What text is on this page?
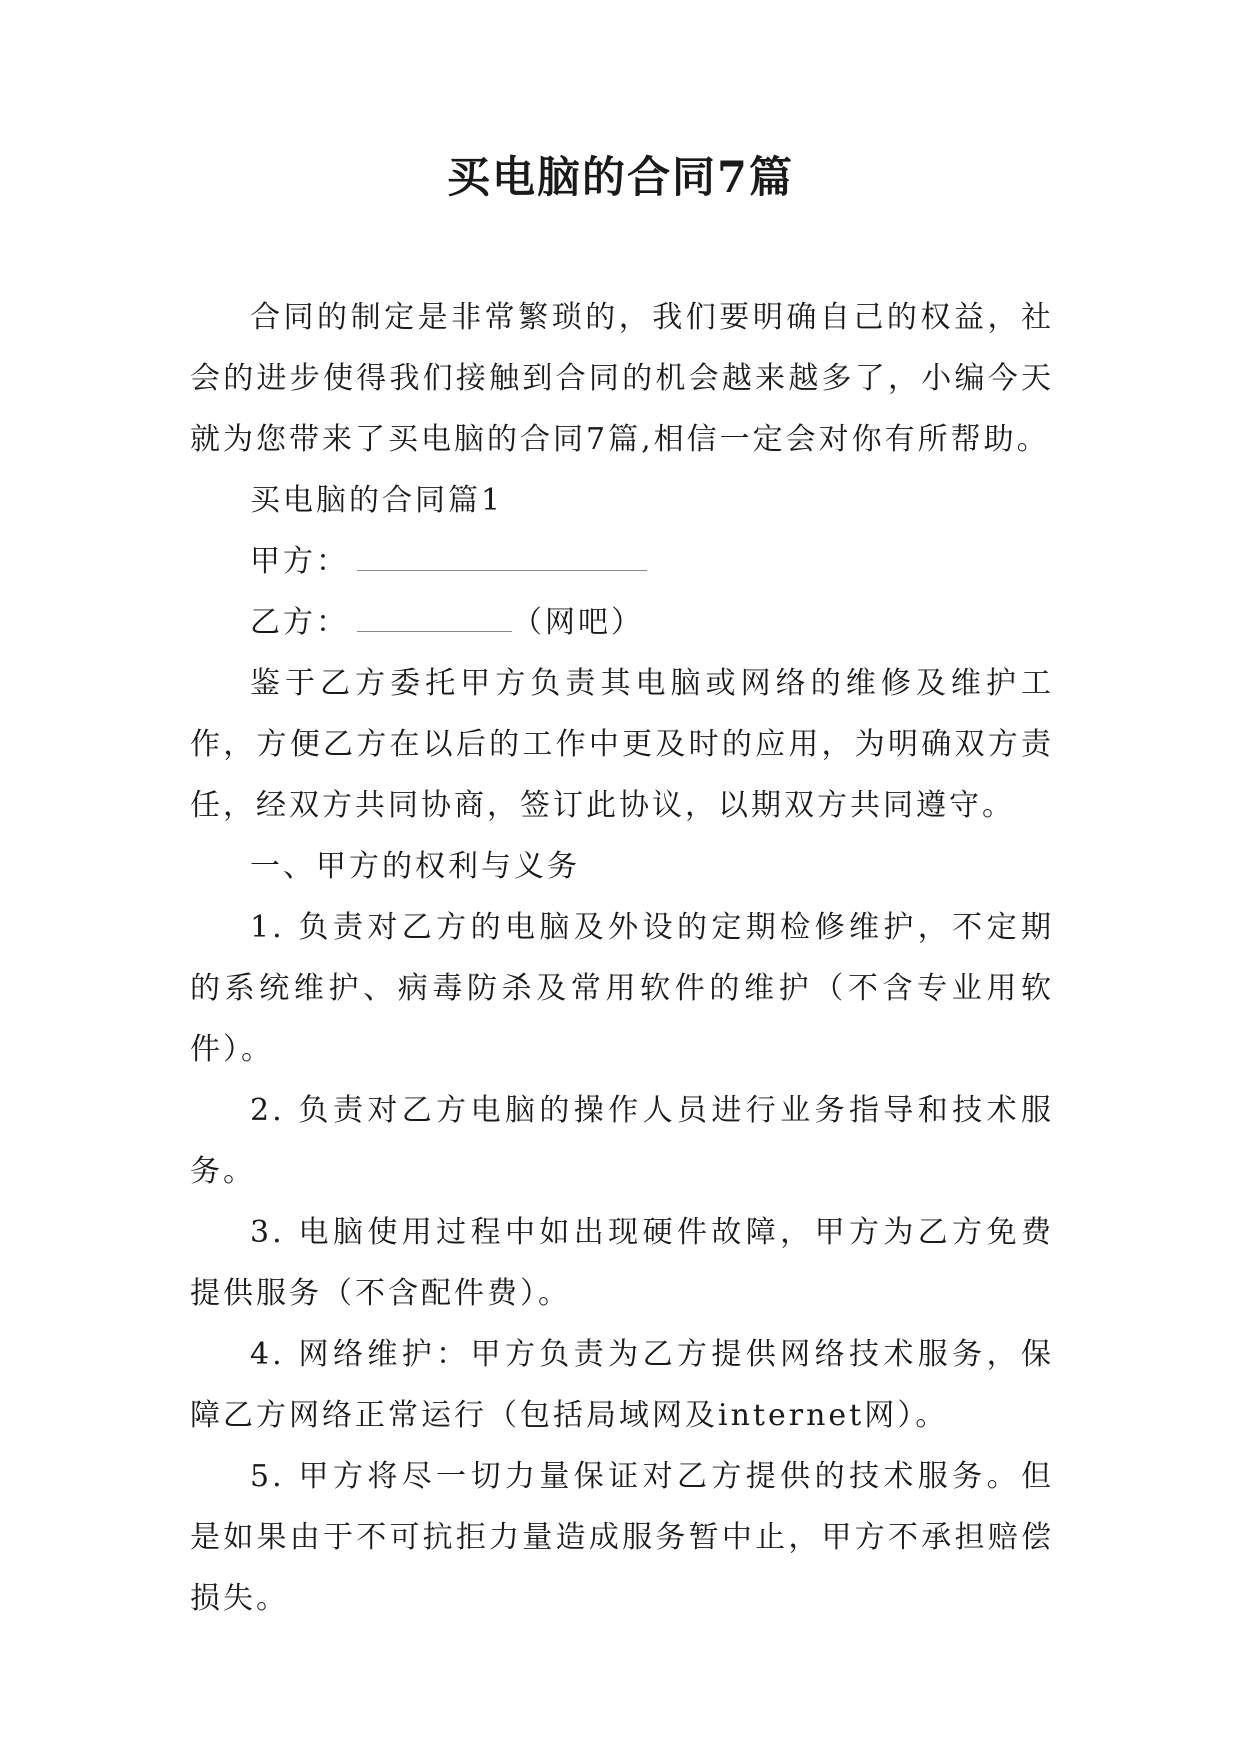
买电脑的合同7篇

合同的制定是非常繁琐的，我们要明确自己的权益，社会的进步使得我们接触到合同的机会越来越多了，小编今天就为您带来了买电脑的合同7篇,相信一定会对你有所帮助。

买电脑的合同篇1

甲方：

乙方：	（网吧）

鉴于乙方委托甲方负责其电脑或网络的维修及维护工作，方便乙方在以后的工作中更及时的应用，为明确双方责任，经双方共同协商，签订此协议，以期双方共同遵守。

一、甲方的权利与义务

1. 负责对乙方的电脑及外设的定期检修维护，不定期的系统维护、病毒防杀及常用软件的维护（不含专业用软件）。

2. 负责对乙方电脑的操作人员进行业务指导和技术服务。

3. 电脑使用过程中如出现硬件故障，甲方为乙方免费提供服务（不含配件费）。

4. 网络维护：甲方负责为乙方提供网络技术服务，保障乙方网络正常运行（包括局域网及internet网）。

5. 甲方将尽一切力量保证对乙方提供的技术服务。但是如果由于不可抗拒力量造成服务暂中止，甲方不承担赔偿损失。
